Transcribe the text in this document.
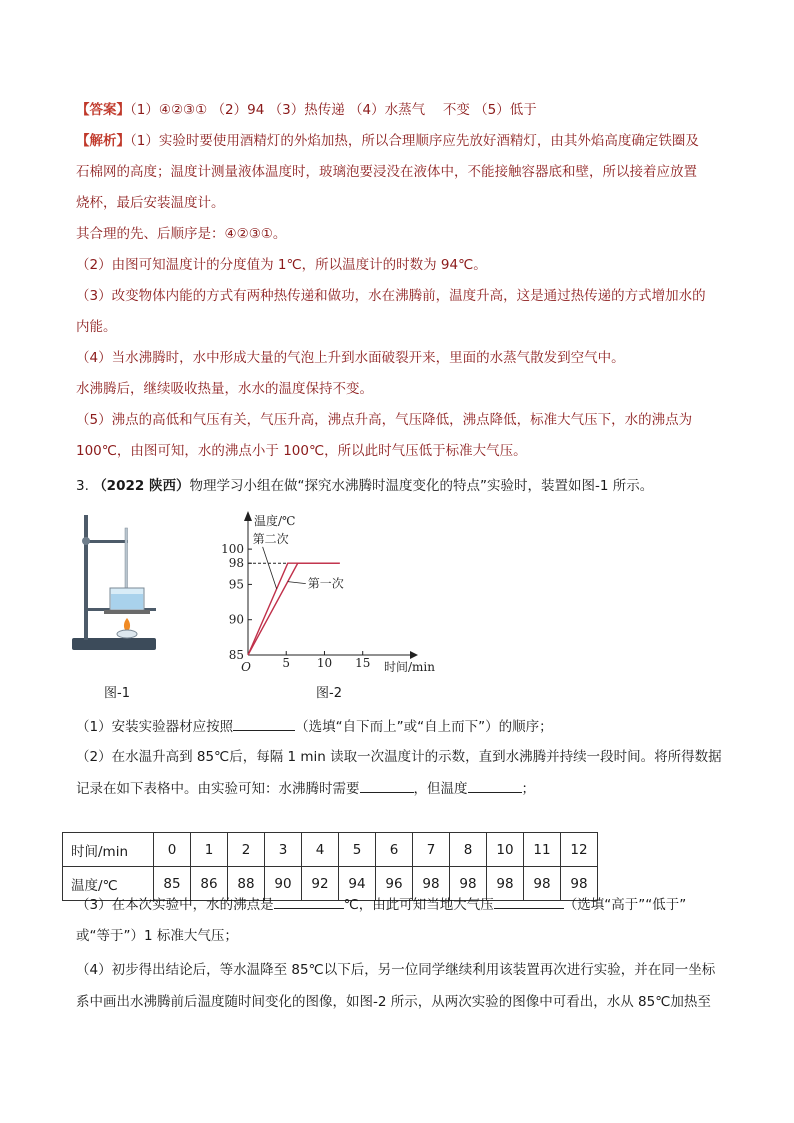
【答案】（1）④②③① （2）94 （3）热传递 （4）水蒸气　 不变 （5）低于
【解析】（1）实验时要使用酒精灯的外焰加热，所以合理顺序应先放好酒精灯，由其外焰高度确定铁圈及
石棉网的高度；温度计测量液体温度时，玻璃泡要浸没在液体中，不能接触容器底和壁，所以接着应放置
烧杯，最后安装温度计。
其合理的先、后顺序是：④②③①。
（2）由图可知温度计的分度值为 1℃，所以温度计的时数为 94℃。
（3）改变物体内能的方式有两种热传递和做功，水在沸腾前，温度升高，这是通过热传递的方式增加水的
内能。
（4）当水沸腾时，水中形成大量的气泡上升到水面破裂开来，里面的水蒸气散发到空气中。
水沸腾后，继续吸收热量，水水的温度保持不变。
（5）沸点的高低和气压有关，气压升高，沸点升高，气压降低，沸点降低，标准大气压下，水的沸点为
100℃，由图可知，水的沸点小于 100℃，所以此时气压低于标准大气压。
3. （2022 陕西）物理学习小组在做“探究水沸腾时温度变化的特点”实验时，装置如图-1 所示。
图-1
温度/℃
时间/min
O	5 10 15
85
90
95
98
100
第二次
第一次
图-2
（1）安装实验器材应按照	（选填“自下而上”或“自上而下”）的顺序；
（2）在水温升高到 85℃后，每隔 1 min 读取一次温度计的示数，直到水沸腾并持续一段时间。将所得数据
记录在如下表格中。由实验可知：水沸腾时需要	，但温度	；
时间/min	0	1	2	3	4	5	6	7	8	10	11	12
温度/℃	85	86	88	90	92	94	96	98	98	98	98	98
（3）在本次实验中，水的沸点是	℃，由此可知当地大气压	（选填“高于”“低于”
或“等于”）1 标准大气压；
（4）初步得出结论后，等水温降至 85℃以下后，另一位同学继续利用该装置再次进行实验，并在同一坐标
系中画出水沸腾前后温度随时间变化的图像，如图-2 所示，从两次实验的图像中可看出，水从 85℃加热至
